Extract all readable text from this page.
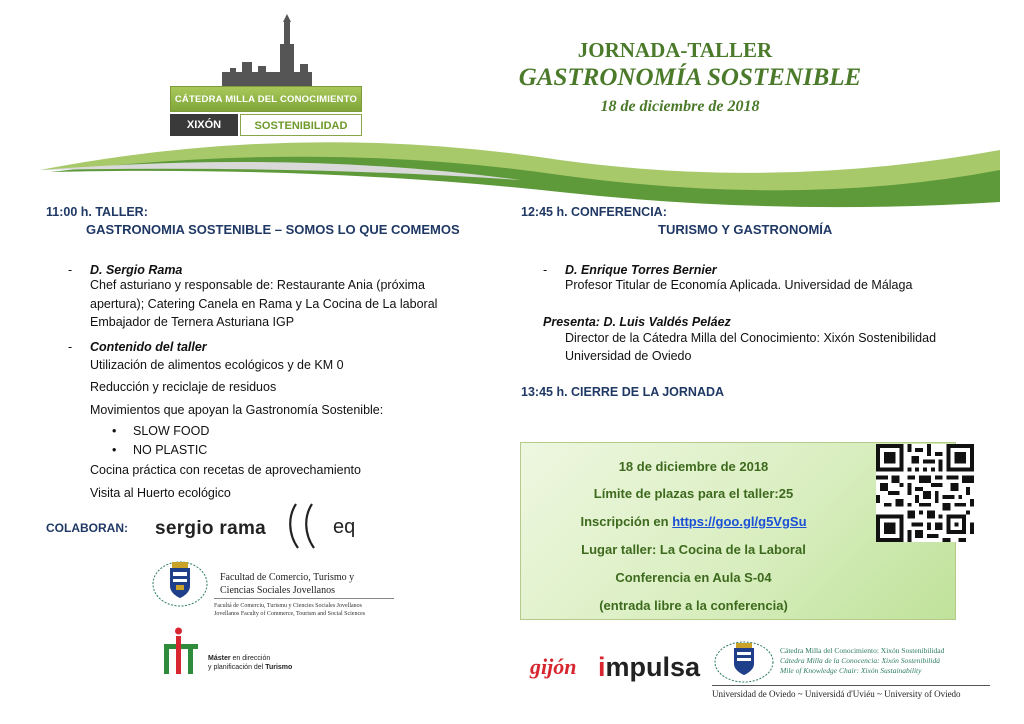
CÁTEDRA MILLA DEL CONOCIMIENTO
XIXÓN	SOSTENIBILIDAD
JORNADA-TALLER
GASTRONOMÍA SOSTENIBLE
18 de diciembre de 2018
11:00 h. TALLER:
GASTRONOMIA SOSTENIBLE – SOMOS LO QUE COMEMOS
- D. Sergio Rama
Chef asturiano y responsable de: Restaurante Ania (próxima
apertura); Catering Canela en Rama y La Cocina de La laboral
Embajador de Ternera Asturiana IGP
- Contenido del taller
Utilización de alimentos ecológicos y de KM 0
Reducción y reciclaje de residuos
Movimientos que apoyan la Gastronomía Sostenible:
• SLOW FOOD
• NO PLASTIC
Cocina práctica con recetas de aprovechamiento
Visita al Huerto ecológico
12:45 h. CONFERENCIA:
TURISMO Y GASTRONOMÍA
- D. Enrique Torres Bernier
Profesor Titular de Economía Aplicada. Universidad de Málaga
Presenta: D. Luis Valdés Peláez
Director de la Cátedra Milla del Conocimiento: Xixón Sostenibilidad
Universidad de Oviedo
13:45 h. CIERRE DE LA JORNADA
18 de diciembre de 2018
Límite de plazas para el taller:25
Inscripción en https://goo.gl/g5VgSu
Lugar taller: La Cocina de la Laboral
Conferencia en Aula S-04
(entrada libre a la conferencia)
COLABORAN: sergio rama	eq
Facultad de Comercio, Turismo y
Ciencias Sociales Jovellanos
Facultá de Comerciu, Turismu y Ciencies Sociales Jovellanos
Jovellanos Faculty of Commerce, Tourism and Social Sciences
Máster en dirección
y planificación del Turismo	gijón impulsa
Cátedra Milla del Conocimiento: Xixón Sostenibilidad
Cátedra Milla de la Conocencia: Xixón Sostenibilidá
Mile of Knowledge Chair: Xixón Sustainability
Universidad de Oviedo ~ Universidá d'Uviéu ~ University of Oviedo
